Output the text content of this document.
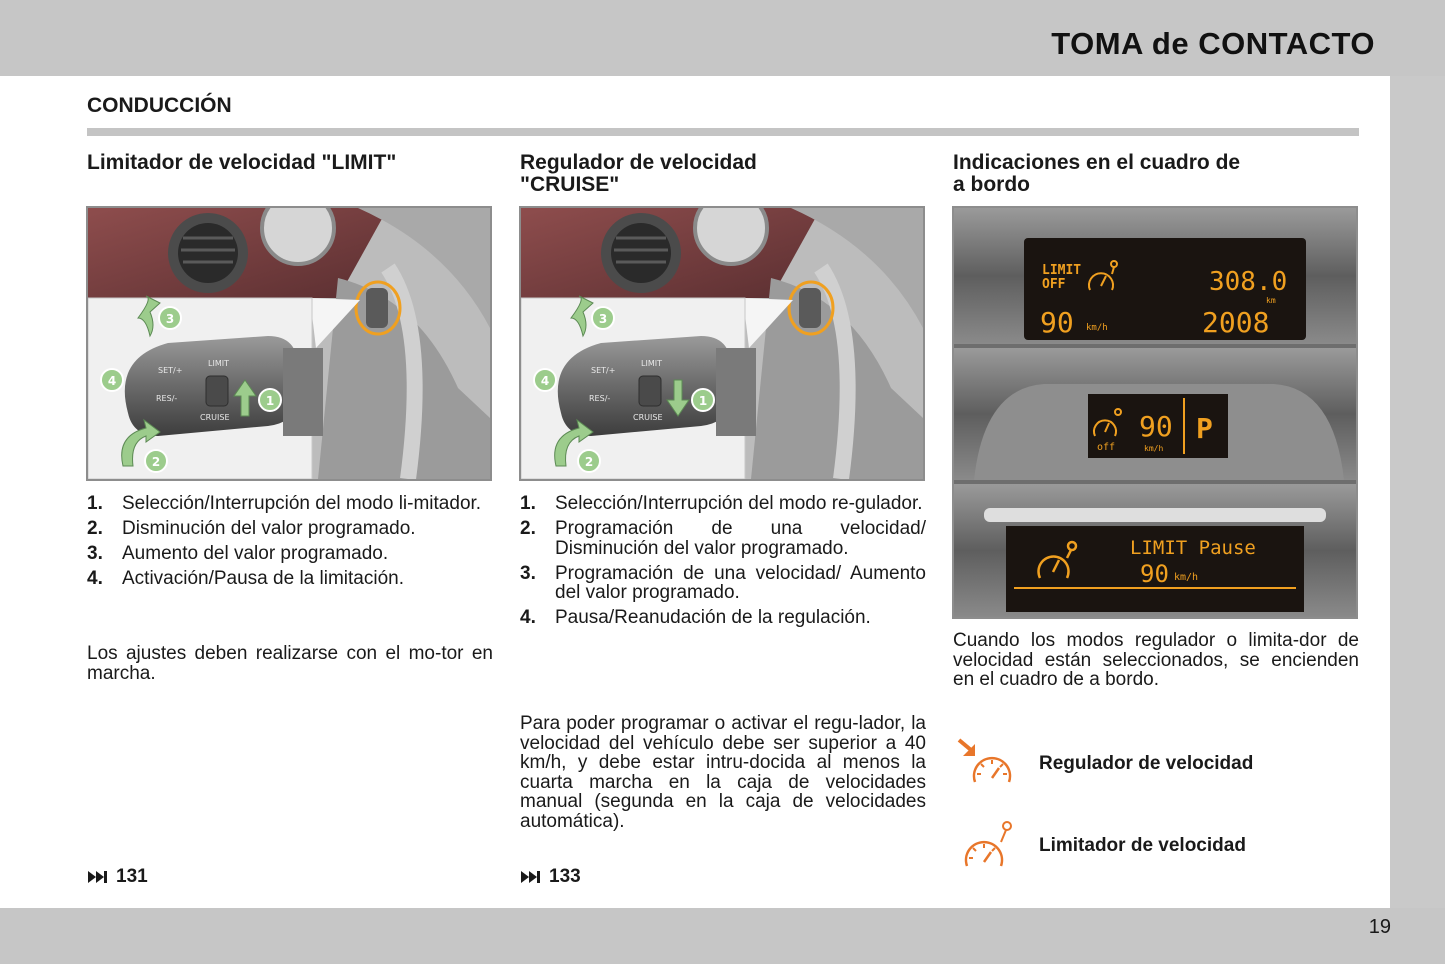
TOMA de CONTACTO
19
CONDUCCIÓN
Limitador de velocidad "LIMIT"
SET/+
RES/-
LIMIT
CRUISE
1
2
3
4
1.	Selección/Interrupción del modo li-mitador.
2.	Disminución del valor programado.
3.	Aumento del valor programado.
4.	Activación/Pausa de la limitación.
Los ajustes deben realizarse con el mo-tor en marcha.
131
Regulador de velocidad
"CRUISE"
SET/+
RES/-
LIMIT
CRUISE
1
2
3
4
1.	Selección/Interrupción del modo re-gulador.
2.	Programación de una velocidad/ Disminución del valor programado.
3.	Programación de una velocidad/ Aumento del valor programado.
4.	Pausa/Reanudación de la regulación.
Para poder programar o activar el regu-lador, la velocidad del vehículo debe ser superior a 40 km/h, y debe estar intru-docida al menos la cuarta marcha en la caja de velocidades manual (segunda en la caja de velocidades automática).
133
Indicaciones en el cuadro de
a bordo
LIMIT
OFF	308.0
km
90 km/h	2008
off
90
km/h
P
LIMIT Pause
90 km/h
Cuando los modos regulador o limita-dor de velocidad están seleccionados, se encienden en el cuadro de a bordo.
Regulador de velocidad
Limitador de velocidad
